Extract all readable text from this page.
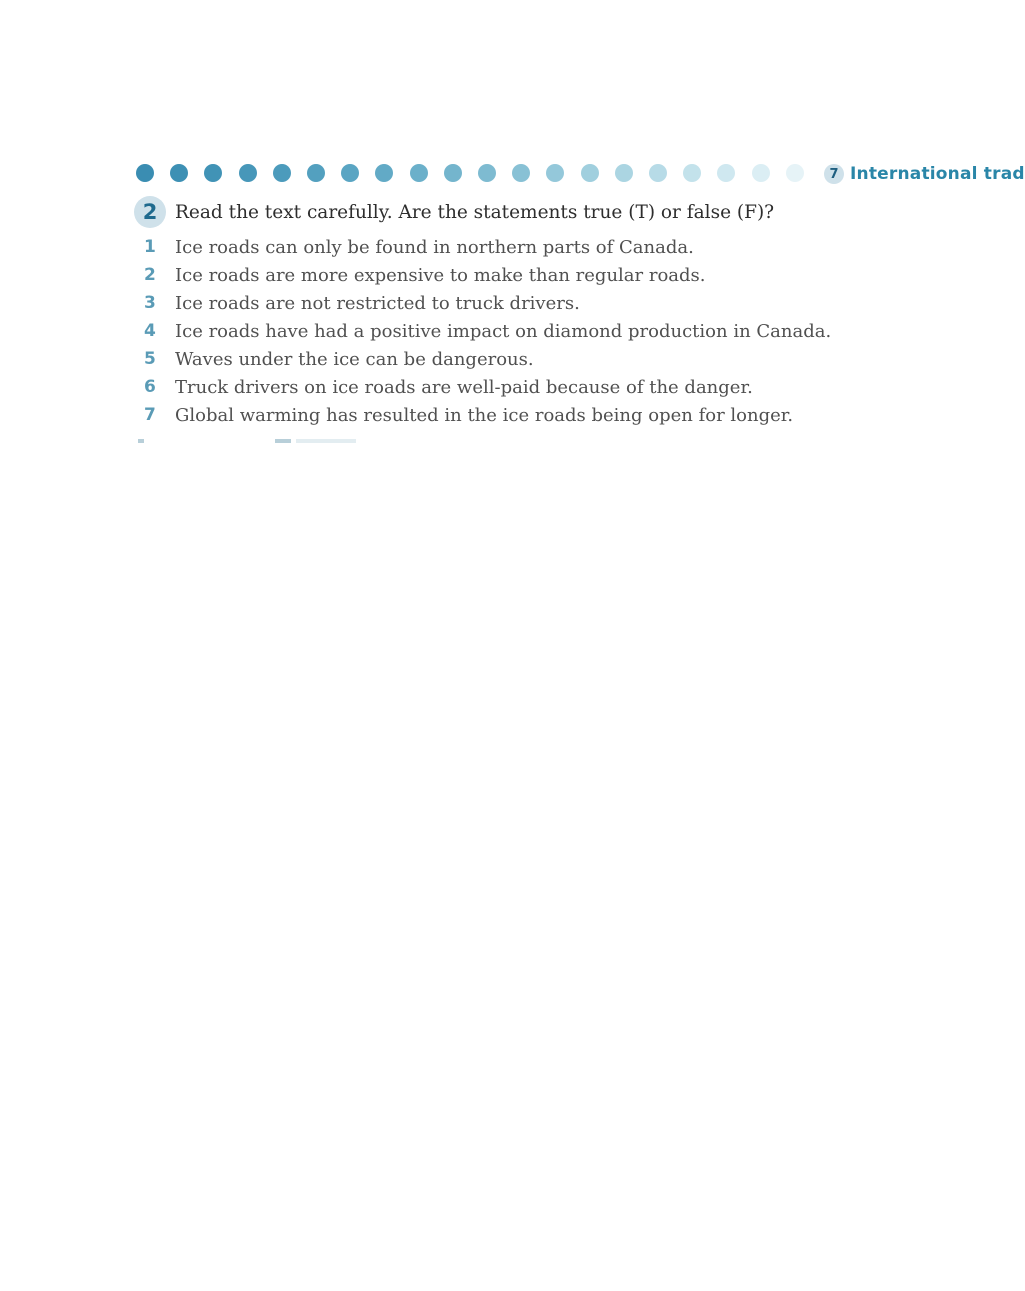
7 International trad
2 Read the text carefully. Are the statements true (T) or false (F)?
1	Ice roads can only be found in northern parts of Canada.
2	Ice roads are more expensive to make than regular roads.
3	Ice roads are not restricted to truck drivers.
4	Ice roads have had a positive impact on diamond production in Canada.
5	Waves under the ice can be dangerous.
6	Truck drivers on ice roads are well-paid because of the danger.
7	Global warming has resulted in the ice roads being open for longer.
